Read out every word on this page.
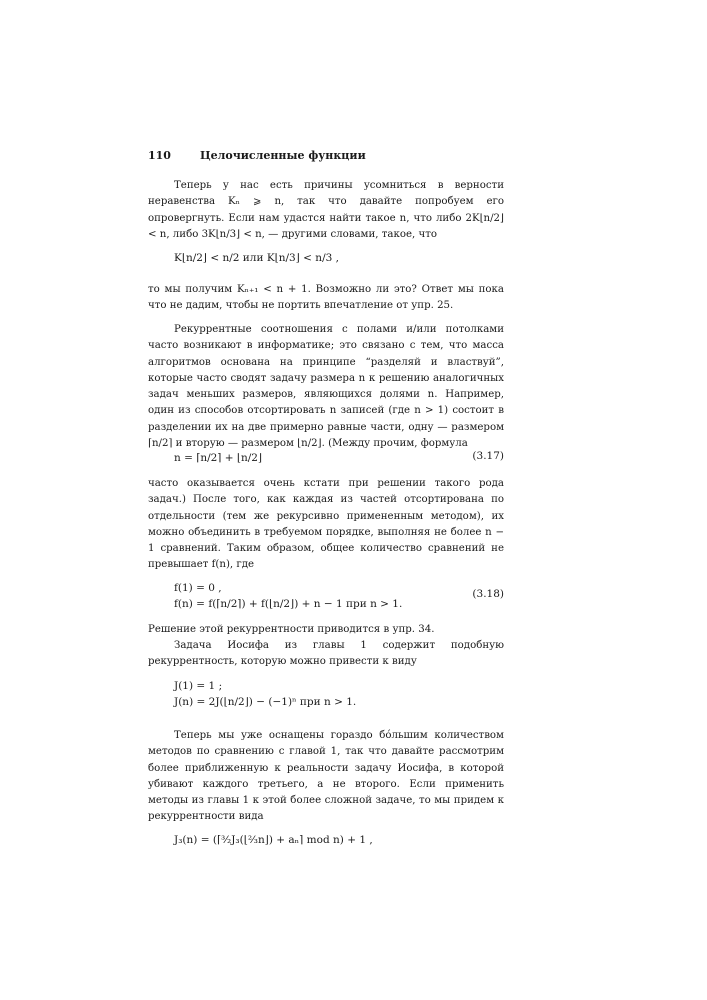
110	Целочисленные функции
Теперь у нас есть причины усомниться в верности неравенства Kₙ ⩾ n, так что давайте попробуем его опровергнуть. Если нам удастся найти такое n, что либо 2K⌊n/2⌋ < n, либо 3K⌊n/3⌋ < n, — другими словами, такое, что
K⌊n/2⌋ < n/2 или K⌊n/3⌋ < n/3 ,
то мы получим Kₙ₊₁ < n + 1. Возможно ли это? Ответ мы пока что не дадим, чтобы не портить впечатление от упр. 25.
Рекуррентные соотношения с полами и/или потолками часто возникают в информатике; это связано с тем, что масса алгоритмов основана на принципе “разделяй и властвуй”, которые часто сводят задачу размера n к решению аналогичных задач меньших размеров, являющихся долями n. Например, один из способов отсортировать n записей (где n > 1) состоит в разделении их на две примерно равные части, одну — размером ⌈n/2⌉ и вторую — размером ⌊n/2⌋. (Между прочим, формула
n = ⌈n/2⌉ + ⌊n/2⌋	(3.17)
часто оказывается очень кстати при решении такого рода задач.) После того, как каждая из частей отсортирована по отдельности (тем же рекурсивно примененным методом), их можно объединить в требуемом порядке, выполняя не более n − 1 сравнений. Таким образом, общее количество сравнений не превышает f(n), где
f(1) = 0 ,
f(n) = f(⌈n/2⌉) + f(⌊n/2⌋) + n − 1 при n > 1.
(3.18)
Решение этой рекуррентности приводится в упр. 34.
Задача Иосифа из главы 1 содержит подобную рекуррентность, которую можно привести к виду
J(1) = 1 ;
J(n) = 2J(⌊n/2⌋) − (−1)ⁿ при n > 1.
Теперь мы уже оснащены гораздо бо́льшим количеством методов по сравнению с главой 1, так что давайте рассмотрим более приближенную к реальности задачу Иосифа, в которой убивают каждого третьего, а не второго. Если применить методы из главы 1 к этой более сложной задаче, то мы придем к рекуррентности вида
J₃(n) = (⌈³⁄₂J₃(⌊²⁄₃n⌋) + aₙ⌉ mod n) + 1 ,
